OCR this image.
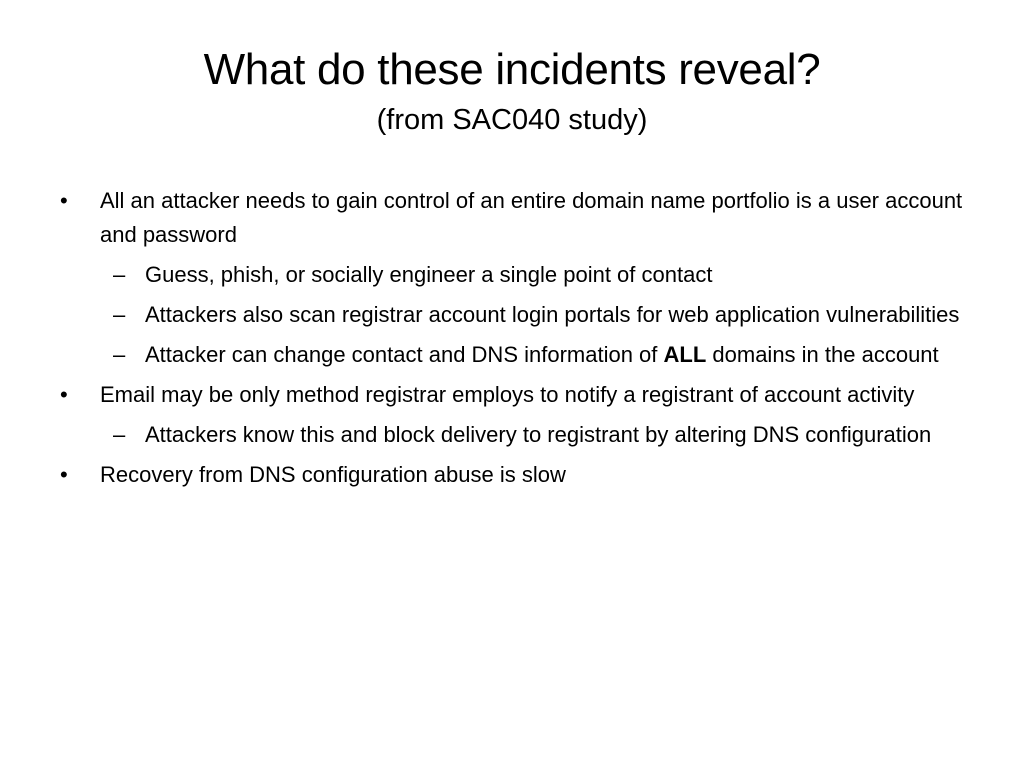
What do these incidents reveal?
(from SAC040 study)
• All an attacker needs to gain control of an entire domain name portfolio is a user account and password
– Guess, phish, or socially engineer a single point of contact
– Attackers also scan registrar account login portals for web application vulnerabilities
– Attacker can change contact and DNS information of ALL domains in the account
• Email may be only method registrar employs to notify a registrant of account activity
– Attackers know this and block delivery to registrant by altering DNS configuration
• Recovery from DNS configuration abuse is slow
